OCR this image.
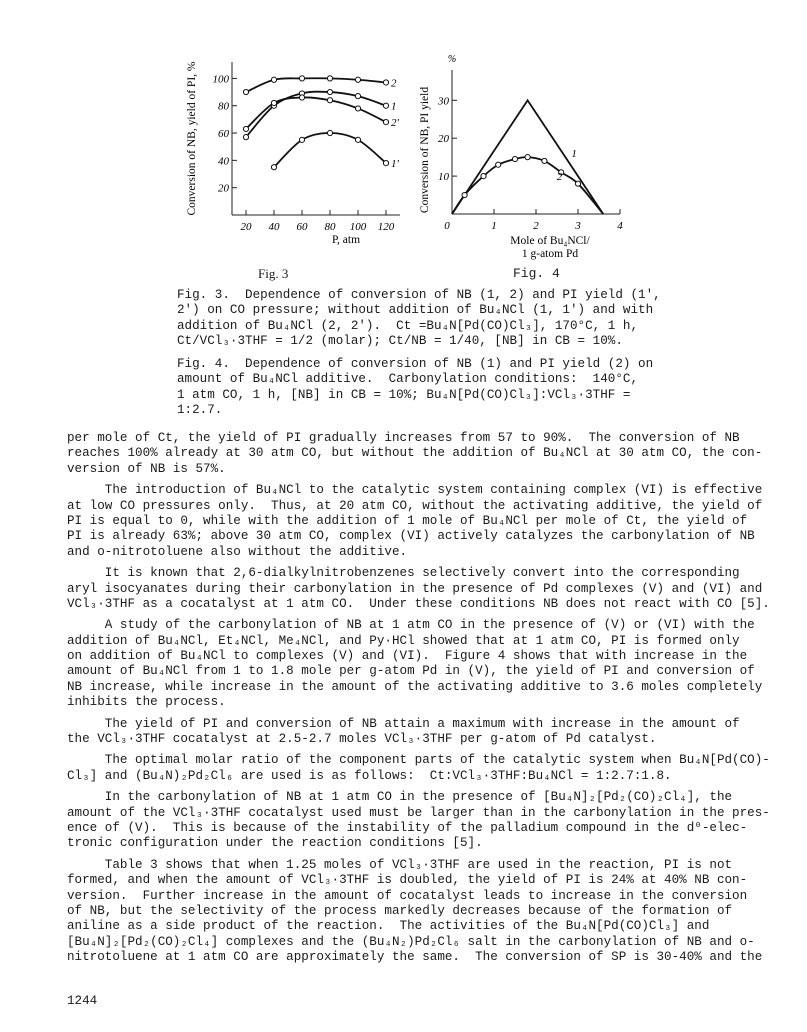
20
40
60
80
100
20 40 60 80 100 120
P, atm
Conversion of NB, yield of PI, %	2
1
2'
1'
%
10
20
30
0	1	2	3	4
Mole of Bu₄NCl/
1 g-atom Pd
Conversion of NB, PI yield	1
2
Fig. 3	Fig. 4
Fig. 3.  Dependence of conversion of NB (1, 2) and PI yield (1',
2') on CO pressure; without addition of Bu₄NCl (1, 1') and with
addition of Bu₄NCl (2, 2').  Ct =Bu₄N[Pd(CO)Cl₃], 170°C, 1 h,
Ct/VCl₃·3THF = 1/2 (molar); Ct/NB = 1/40, [NB] in CB = 10%.
Fig. 4.  Dependence of conversion of NB (1) and PI yield (2) on
amount of Bu₄NCl additive.  Carbonylation conditions:  140°C,
1 atm CO, 1 h, [NB] in CB = 10%; Bu₄N[Pd(CO)Cl₃]:VCl₃·3THF =
1:2.7.
per mole of Ct, the yield of PI gradually increases from 57 to 90%.  The conversion of NB
reaches 100% already at 30 atm CO, but without the addition of Bu₄NCl at 30 atm CO, the con-
version of NB is 57%.
The introduction of Bu₄NCl to the catalytic system containing complex (VI) is effective
at low CO pressures only.  Thus, at 20 atm CO, without the activating additive, the yield of
PI is equal to 0, while with the addition of 1 mole of Bu₄NCl per mole of Ct, the yield of
PI is already 63%; above 30 atm CO, complex (VI) actively catalyzes the carbonylation of NB
and o-nitrotoluene also without the additive.
It is known that 2,6-dialkylnitrobenzenes selectively convert into the corresponding
aryl isocyanates during their carbonylation in the presence of Pd complexes (V) and (VI) and
VCl₃·3THF as a cocatalyst at 1 atm CO.  Under these conditions NB does not react with CO [5].
A study of the carbonylation of NB at 1 atm CO in the presence of (V) or (VI) with the
addition of Bu₄NCl, Et₄NCl, Me₄NCl, and Py·HCl showed that at 1 atm CO, PI is formed only
on addition of Bu₄NCl to complexes (V) and (VI).  Figure 4 shows that with increase in the
amount of Bu₄NCl from 1 to 1.8 mole per g-atom Pd in (V), the yield of PI and conversion of
NB increase, while increase in the amount of the activating additive to 3.6 moles completely
inhibits the process.
The yield of PI and conversion of NB attain a maximum with increase in the amount of
the VCl₃·3THF cocatalyst at 2.5-2.7 moles VCl₃·3THF per g-atom of Pd catalyst.
The optimal molar ratio of the component parts of the catalytic system when Bu₄N[Pd(CO)-
Cl₃] and (Bu₄N)₂Pd₂Cl₆ are used is as follows:  Ct:VCl₃·3THF:Bu₄NCl = 1:2.7:1.8.
In the carbonylation of NB at 1 atm CO in the presence of [Bu₄N]₂[Pd₂(CO)₂Cl₄], the
amount of the VCl₃·3THF cocatalyst used must be larger than in the carbonylation in the pres-
ence of (V).  This is because of the instability of the palladium compound in the d⁰-elec-
tronic configuration under the reaction conditions [5].
Table 3 shows that when 1.25 moles of VCl₃·3THF are used in the reaction, PI is not
formed, and when the amount of VCl₃·3THF is doubled, the yield of PI is 24% at 40% NB con-
version.  Further increase in the amount of cocatalyst leads to increase in the conversion
of NB, but the selectivity of the process markedly decreases because of the formation of
aniline as a side product of the reaction.  The activities of the Bu₄N[Pd(CO)Cl₃] and
[Bu₄N]₂[Pd₂(CO)₂Cl₄] complexes and the (Bu₄N₂)Pd₂Cl₆ salt in the carbonylation of NB and o-
nitrotoluene at 1 atm CO are approximately the same.  The conversion of SP is 30-40% and the
1244
